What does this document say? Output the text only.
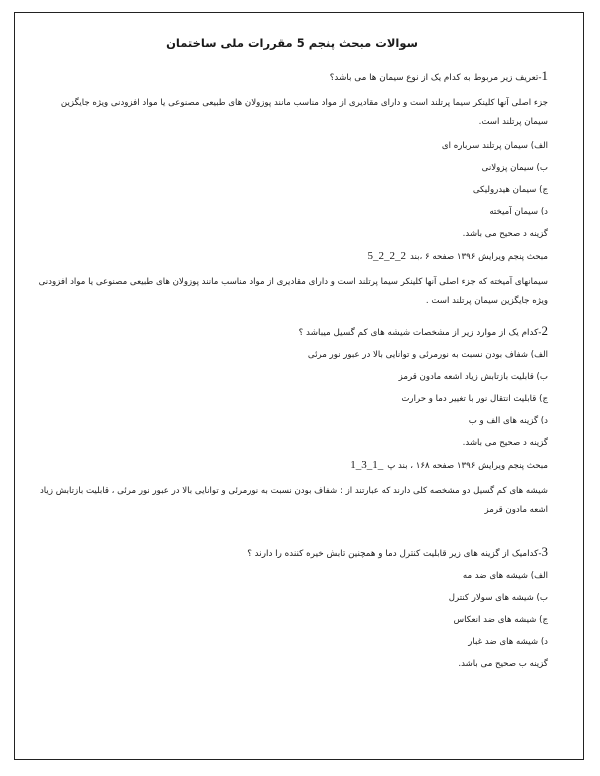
سوالات مبحث پنجم 5 مقررات ملی ساختمان
1-تعریف زیر مربوط به کدام یک از نوع سیمان ها می باشد؟
جزء اصلی آنها کلینکر سیما پرتلند است و دارای مقادیری از مواد مناسب مانند پوزولان های طبیعی مصنوعی یا مواد افزودنی ویژه جایگزین سیمان پرتلند است.
الف) سیمان پرتلند سرباره ای
ب) سیمان پزولانی
ج) سیمان هیدرولیکی
د) سیمان آمیخته
گزینه د صحیح می باشد.
مبحث پنجم ویرایش ۱۳۹۶ صفحه ۶ ،بند2_2_2_5
سیمانهای آمیخته که جزء اصلی آنها کلینکر سیما پرتلند است و دارای مقادیری از مواد مناسب مانند پوزولان های طبیعی مصنوعی یا مواد افزودنی ویژه جایگزین سیمان پرتلند است .
2-کدام یک از موارد زیر از مشخصات شیشه های کم گسیل میباشد ؟
الف) شفاف بودن نسبت به نورمرئی و توانایی بالا در عبور نور مرئی
ب) قابلیت بازتابش زیاد اشعه مادون قرمز
ج) قابلیت انتقال نور با تغییر دما و حرارت
د) گزینه های الف و ب
گزینه د صحیح می باشد.
مبحث پنجم ویرایش ۱۳۹۶ صفحه ۱۶۸ ، بند پ_1_3_1
شیشه های کم گسیل دو مشخصه کلی دارند که عبارتند از : شفاف بودن نسبت به نورمرئی و توانایی بالا در عبور نور مرئی ، قابلیت بازتابش زیاد اشعه مادون قرمز
3-کدامیک از گزینه های زیر قابلیت کنترل دما و همچنین تابش خیره کننده را دارند ؟
الف) شیشه های ضد مه
ب) شیشه های سولار کنترل
ج) شیشه های ضد انعکاس
د) شیشه های ضد غبار
گزینه ب صحیح می باشد.
